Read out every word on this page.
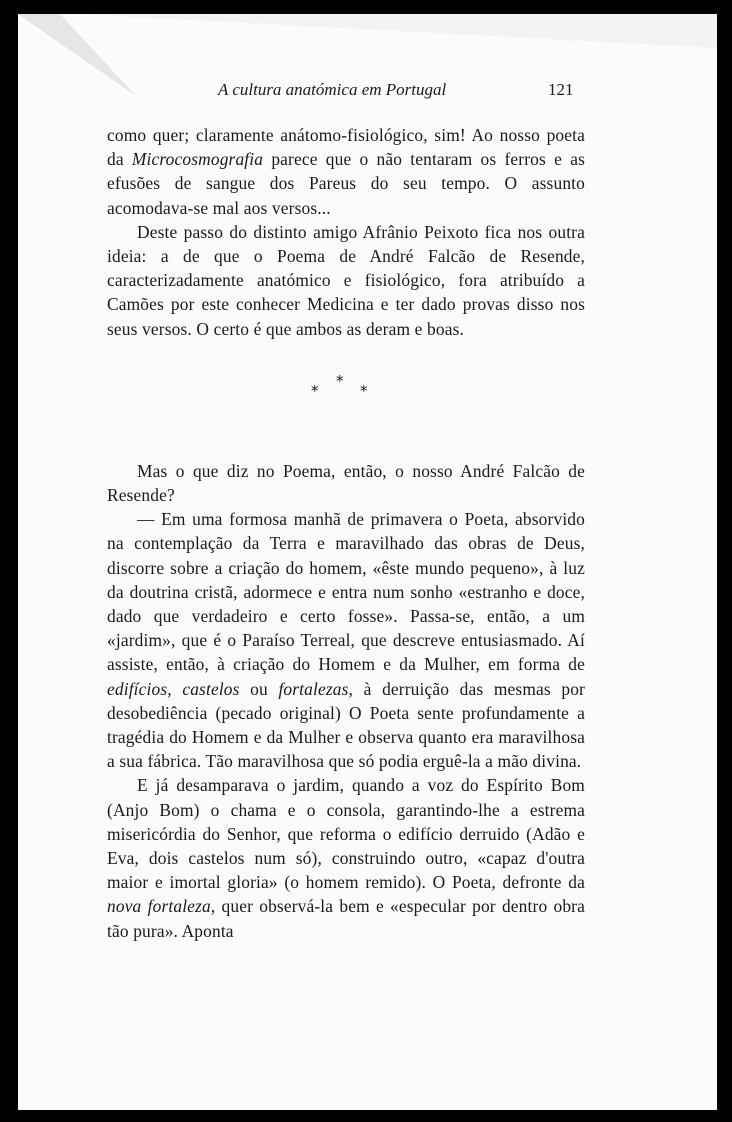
A cultura anatómica em Portugal	121

como quer; claramente anátomo-fisiológico, sim! Ao nosso poeta da Microcosmografia parece que o não tentaram os ferros e as efusões de sangue dos Pareus do seu tempo. O assunto acomodava-se mal aos versos...

Deste passo do distinto amigo Afrânio Peixoto fica nos outra ideia: a de que o Poema de André Falcão de Resende, caracterizadamente anatómico e fisiológico, fora atribuído a Camões por este conhecer Medicina e ter dado provas disso nos seus versos. O certo é que ambos as deram e boas.

*
*
*

Mas o que diz no Poema, então, o nosso André Falcão de Resende?

— Em uma formosa manhã de primavera o Poeta, absorvido na contemplação da Terra e maravilhado das obras de Deus, discorre sobre a criação do homem, «êste mundo pequeno», à luz da doutrina cristã, adormece e entra num sonho «estranho e doce, dado que verdadeiro e certo fosse». Passa-se, então, a um «jardim», que é o Paraíso Terreal, que descreve entusiasmado. Aí assiste, então, à criação do Homem e da Mulher, em forma de edifícios, castelos ou fortalezas, à derruição das mesmas por desobediência (pecado original) O Poeta sente profundamente a tragédia do Homem e da Mulher e observa quanto era maravilhosa a sua fábrica. Tão maravilhosa que só podia erguê-la a mão divina.

E já desamparava o jardim, quando a voz do Espírito Bom (Anjo Bom) o chama e o consola, garantindo-lhe a estrema misericórdia do Senhor, que reforma o edifício derruido (Adão e Eva, dois castelos num só), construindo outro, «capaz d'outra maior e imortal gloria» (o homem remido). O Poeta, defronte da nova fortaleza, quer observá-la bem e «especular por dentro obra tão pura». Aponta
